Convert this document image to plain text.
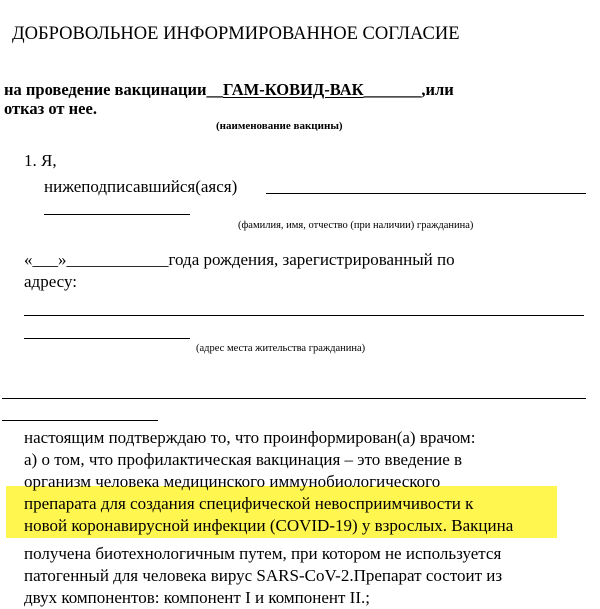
ДОБРОВОЛЬНОЕ ИНФОРМИРОВАННОЕ СОГЛАСИЕ
на проведение вакцинации__ГАМ-КОВИД-ВАК_______,или
отказ от нее.
(наименование вакцины)
1. Я,
нижеподписавшийся(аяся)
(фамилия, имя, отчество (при наличии) гражданина)
«___»____________года рождения, зарегистрированный по
адресу:
(адрес места жительства гражданина)
настоящим подтверждаю то, что проинформирован(а) врачом:
а) о том, что профилактическая вакцинация – это введение в
организм человека медицинского иммунобиологического
препарата для создания специфической невосприимчивости к
новой коронавирусной инфекции (COVID-19) у взрослых. Вакцина
получена биотехнологичным путем, при котором не используется
патогенный для человека вирус SARS-CoV-2.Препарат состоит из
двух компонентов: компонент I и компонент II.;
